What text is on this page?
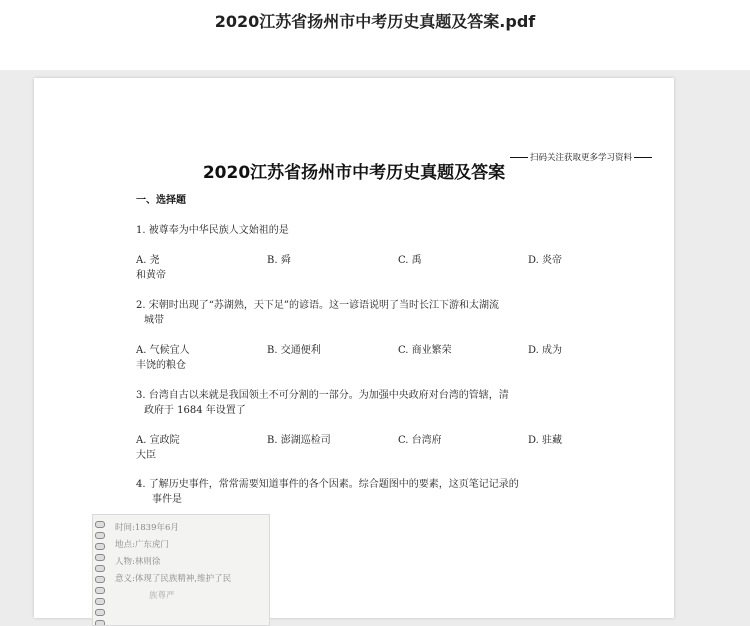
2020江苏省扬州市中考历史真题及答案.pdf
扫码关注获取更多学习资料
2020江苏省扬州市中考历史真题及答案
一、选择题
1. 被尊奉为中华民族人文始祖的是
A. 尧	B. 舜	C. 禹	D. 炎帝
和黄帝
2. 宋朝时出现了“苏湖熟，天下足”的谚语。这一谚语说明了当时长江下游和太湖流
城带
A. 气候宜人	B. 交通便利	C. 商业繁荣	D. 成为
丰饶的粮仓
3. 台湾自古以来就是我国领土不可分割的一部分。为加强中央政府对台湾的管辖，清
政府于 1684 年设置了
A. 宣政院	B. 澎湖巡检司	C. 台湾府	D. 驻藏
大臣
4. 了解历史事件，常常需要知道事件的各个因素。综合题图中的要素，这页笔记记录的
事件是
时间:1839年6月
地点:广东虎门
人物:林则徐
意义:体现了民族精神,维护了民
族尊严
